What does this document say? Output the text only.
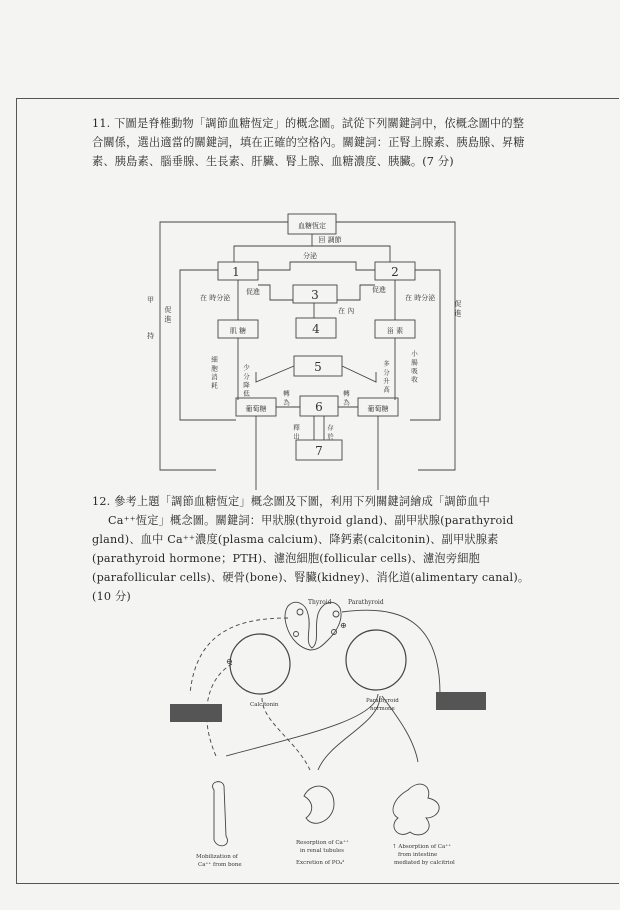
11. 下圖是脊椎動物「調節血糖恆定」的概念圖。試從下列關鍵詞中，依概念圖中的整合關係，選出適當的關鍵詞，填在正確的空格內。關鍵詞：正腎上腺素、胰島腺、昇糖素、胰島素、腦垂腺、生長素、肝臟、腎上腺、血糖濃度、胰臟。(7 分)
血糖恆定
回 調節
1	2
3
4
5
6
7
分泌
在 時分泌	在 時分泌
促進	促進
肌 糖	甾 素
甲
持
促 進	促 進
在 內
細 胞 消 耗	少 分 降 低	多 分 升 高	小 腸 吸 收
葡萄糖	葡萄糖
轉 為	轉 為
釋 出	存 於
12. 參考上題「調節血糖恆定」概念圖及下圖，利用下列關鍵詞繪成「調節血中
Ca⁺⁺恆定」概念圖。關鍵詞：甲狀腺(thyroid gland)、副甲狀腺(parathyroid
gland)、血中 Ca⁺⁺濃度(plasma calcium)、降鈣素(calcitonin)、副甲狀腺素
(parathyroid hormone；PTH)、濾泡細胞(follicular cells)、濾泡旁細胞
(parafollicular cells)、硬骨(bone)、腎臟(kidney)、消化道(alimentary canal)。
(10 分)	Thyroid	Parathyroid
Calcitonin
Parathyroid
hormone
Mobilization of
Ca⁺⁺ from bone
Resorption of Ca⁺⁺
in renal tubules
Excretion of PO₄³
↑ Absorption of Ca⁺⁺
from intestine
mediated by calcitriol
⊖
⊕
